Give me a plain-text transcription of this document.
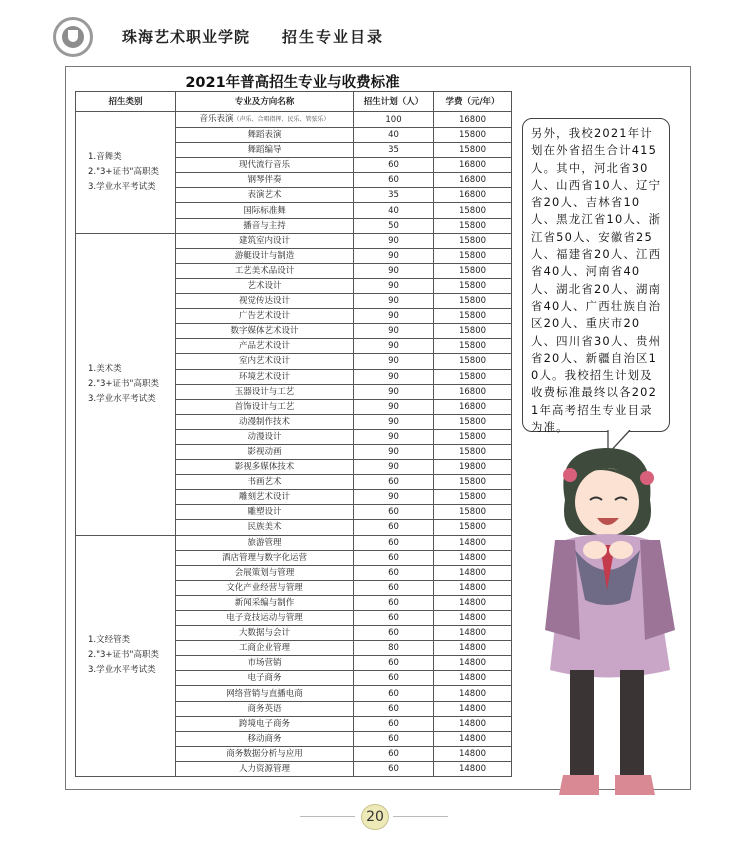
珠海艺术职业学院 招生专业目录
2021年普高招生专业与收费标准
招生类别	专业及方向名称	招生计划（人）	学费（元/年）

1.音舞类
2."3+证书"高职类
3.学业水平考试类	音乐表演（声乐、合唱指挥、民乐、管弦乐）	100	16800
	舞蹈表演	40	15800
	舞蹈编导	35	15800
	现代流行音乐	60	16800
	钢琴伴奏	60	16800
	表演艺术	35	16800
	国际标准舞	40	15800
	播音与主持	50	15800

1.美术类
2."3+证书"高职类
3.学业水平考试类	建筑室内设计	90	15800
	游艇设计与制造	90	15800
	工艺美术品设计	90	15800
	艺术设计	90	15800
	视觉传达设计	90	15800
	广告艺术设计	90	15800
	数字媒体艺术设计	90	15800
	产品艺术设计	90	15800
	室内艺术设计	90	15800
	环境艺术设计	90	15800
	玉器设计与工艺	90	16800
	首饰设计与工艺	90	16800
	动漫制作技术	90	15800
	动漫设计	90	15800
	影视动画	90	15800
	影视多媒体技术	90	19800
	书画艺术	60	15800
	雕刻艺术设计	90	15800
	雕塑设计	60	15800
	民族美术	60	15800

1.文经管类
2."3+证书"高职类
3.学业水平考试类	旅游管理	60	14800
	酒店管理与数字化运营	60	14800
	会展策划与管理	60	14800
	文化产业经营与管理	60	14800
	新闻采编与制作	60	14800
	电子竞技运动与管理	60	14800
	大数据与会计	60	14800
	工商企业管理	80	14800
	市场营销	60	14800
	电子商务	60	14800
	网络营销与直播电商	60	14800
	商务英语	60	14800
	跨境电子商务	60	14800
	移动商务	60	14800
	商务数据分析与应用	60	14800
	人力资源管理	60	14800
另外，我校2021年计划在外省招生合计415人。其中，河北省30人、山西省10人、辽宁省20人、吉林省10人、黑龙江省10人、浙江省50人、安徽省25人、福建省20人、江西省40人、河南省40人、湖北省20人、湖南省40人、广西壮族自治区20人、重庆市20人、四川省30人、贵州省20人、新疆自治区10人。我校招生计划及收费标准最终以各2021年高考招生专业目录为准。
20
